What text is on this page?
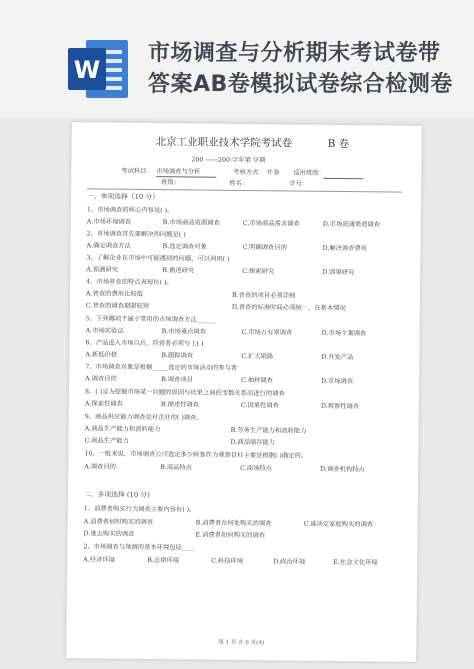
W
市场调查与分析期末考试卷带
答案AB卷模拟试卷综合检测卷
北京工业职业技术学院考试卷	B 卷
200 ——200 学年第 学期
考试科目： 市场调查与分析	考核方式： 开卷 适用班级：
班级：	姓名：	学号：
一、单项选择（10 分）
1、市场调查的核心内容是( )。
A.市场环境调查	B.市场商品资源调查	C.市场商品需求调查	D.市场流通渠道调查
2、市场调查首先要解决的问题是( )
A.确定调查方法	B.选定调查对象	C.明确调查目的	D.解决调查费用
3、了解企业在市场中可能遇到的问题，可以利用( )
A.预测研究	B.描述研究	C.探索研究	D.因果研究
4、市场普查的特点表现在( )。
A.普查的费用比较低	B.普查的项目必须详细
C.普查的调查期限较短	D.普查的标准时间必须统一，在基本情况
5、下列哪项不属于常用的市场调查方法______
A.市场实验法	B.市场重点调查	C.市场占有率调查	D.市场个案调查
6、产品进入市场以后，经营者必须与上( )
A.新低价格	B.跟踪调查	C.扩大销路	D.开发产品
7、市场调查对象是根据_____选定的市场活动的参与者
A.调查目的	B.调查项目	C.抽样调查	D.市场调查
8、( )是为挖掘市场某一问题的原因与结果之间的变数关系而进行的调查
A.探索性调查	B.描述性调查	C.因果性调查	D.观察性调查
9、商品供应能力调查是对企业的( )调查。
A.商品生产能力和流转能力	B.劳务生产能力和流转能力
C.商品生产能力	D.商品储存能力
10、一般来说，市场调查公司选定多少顾客作为观察目标主要是根据( )确定的。
A.调查目的	B.商品特点	C.商场特点	D.调查机构特点
二、多项选择 (10 分)
1、消费者购买行为调查主要内容有( )。
A.消费者何时购买的调查	B.消费者在何处购买的调查	C.谁决定家庭购买的调查
D.谁去购买的调查	E.消费者如何购买的调查
2、市场调查与预测的基本环境包括____
A.经济环境	B.法律环境	C.科技环境	D.政治环境	E.社会文化环境
第 1 页 共 6 页(A)
